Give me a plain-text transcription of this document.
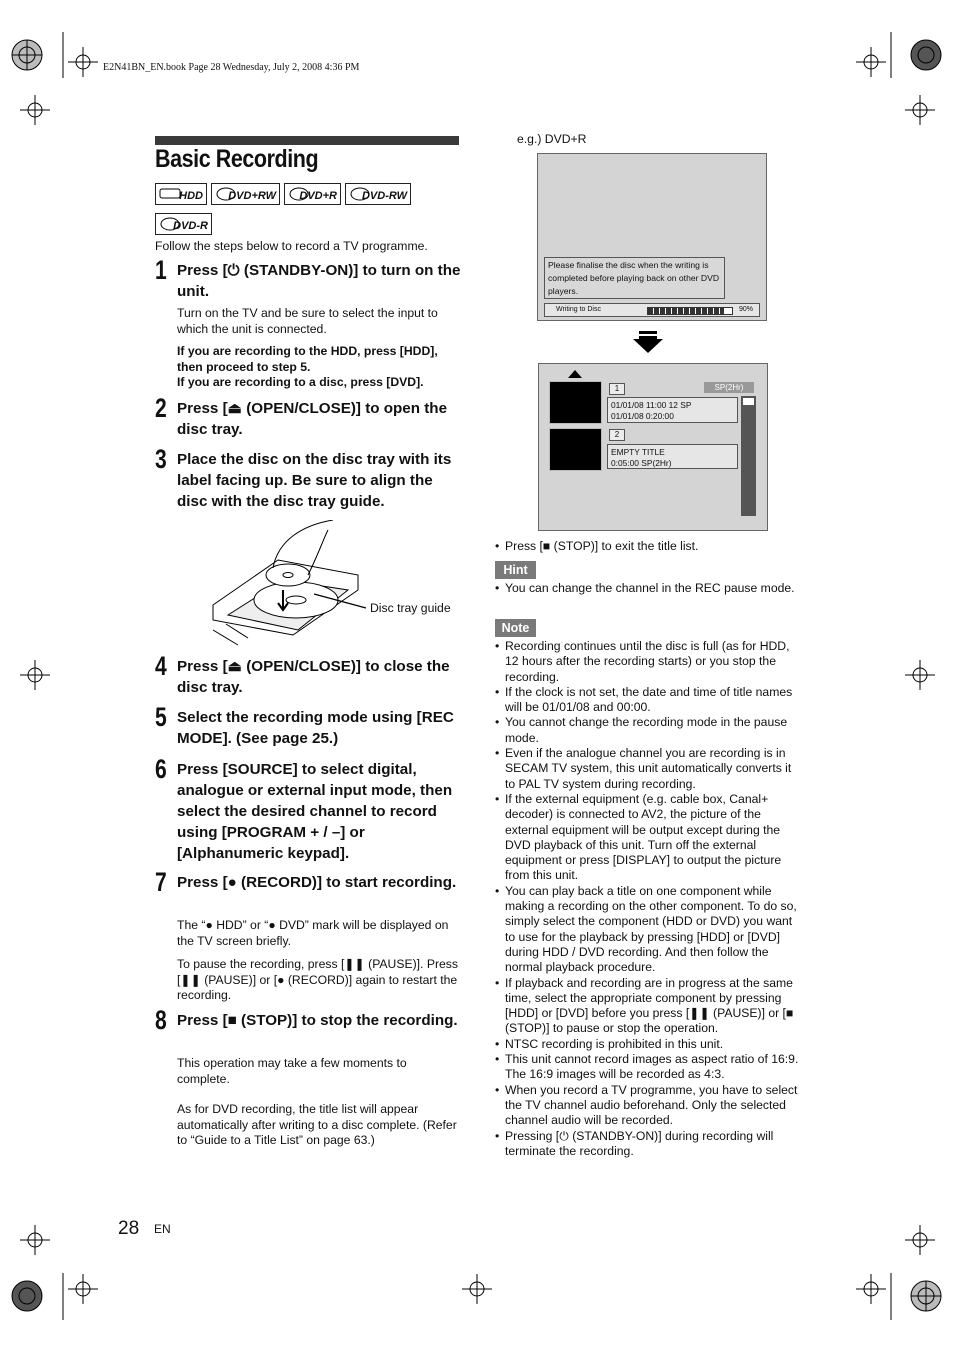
E2N41BN_EN.book Page 28 Wednesday, July 2, 2008 4:36 PM
Basic Recording
HDD DVD+RW DVD+R DVD-RW
DVD-R
Follow the steps below to record a TV programme.
1 Press [⏻ (STANDBY-ON)] to turn on the unit.
Turn on the TV and be sure to select the input to which the unit is connected.
If you are recording to the HDD, press [HDD], then proceed to step 5.
If you are recording to a disc, press [DVD].
2 Press [⏏ (OPEN/CLOSE)] to open the disc tray.
3 Place the disc on the disc tray with its label facing up. Be sure to align the disc with the disc tray guide.
Disc tray guide
4 Press [⏏ (OPEN/CLOSE)] to close the disc tray.
5 Select the recording mode using [REC MODE]. (See page 25.)
6 Press [SOURCE] to select digital, analogue or external input mode, then select the desired channel to record using [PROGRAM + / –] or [Alphanumeric keypad].
7 Press [● (RECORD)] to start recording.
The “● HDD” or “● DVD” mark will be displayed on the TV screen briefly.
To pause the recording, press [❚❚ (PAUSE)]. Press [❚❚ (PAUSE)] or [● (RECORD)] again to restart the recording.
8 Press [■ (STOP)] to stop the recording.
This operation may take a few moments to complete.
As for DVD recording, the title list will appear automatically after writing to a disc complete. (Refer to “Guide to a Title List” on page 63.)
e.g.) DVD+R
Please finalise the disc when the writing is completed before playing back on other DVD players.
Writing to Disc	90%
1	SP(2Hr)
01/01/08 11:00 12 SP
01/01/08 0:20:00
2
EMPTY TITLE
0:05:00 SP(2Hr)
• Press [■ (STOP)] to exit the title list.
Hint
• You can change the channel in the REC pause mode.
Note
• Recording continues until the disc is full (as for HDD, 12 hours after the recording starts) or you stop the recording.
• If the clock is not set, the date and time of title names will be 01/01/08 and 00:00.
• You cannot change the recording mode in the pause mode.
• Even if the analogue channel you are recording is in SECAM TV system, this unit automatically converts it to PAL TV system during recording.
• If the external equipment (e.g. cable box, Canal+ decoder) is connected to AV2, the picture of the external equipment will be output except during the DVD playback of this unit. Turn off the external equipment or press [DISPLAY] to output the picture from this unit.
• You can play back a title on one component while making a recording on the other component. To do so, simply select the component (HDD or DVD) you want to use for the playback by pressing [HDD] or [DVD] during HDD / DVD recording. And then follow the normal playback procedure.
• If playback and recording are in progress at the same time, select the appropriate component by pressing [HDD] or [DVD] before you press [❚❚ (PAUSE)] or [■ (STOP)] to pause or stop the operation.
• NTSC recording is prohibited in this unit.
• This unit cannot record images as aspect ratio of 16:9. The 16:9 images will be recorded as 4:3.
• When you record a TV programme, you have to select the TV channel audio beforehand. Only the selected channel audio will be recorded.
• Pressing [⏻ (STANDBY-ON)] during recording will terminate the recording.
28 EN
